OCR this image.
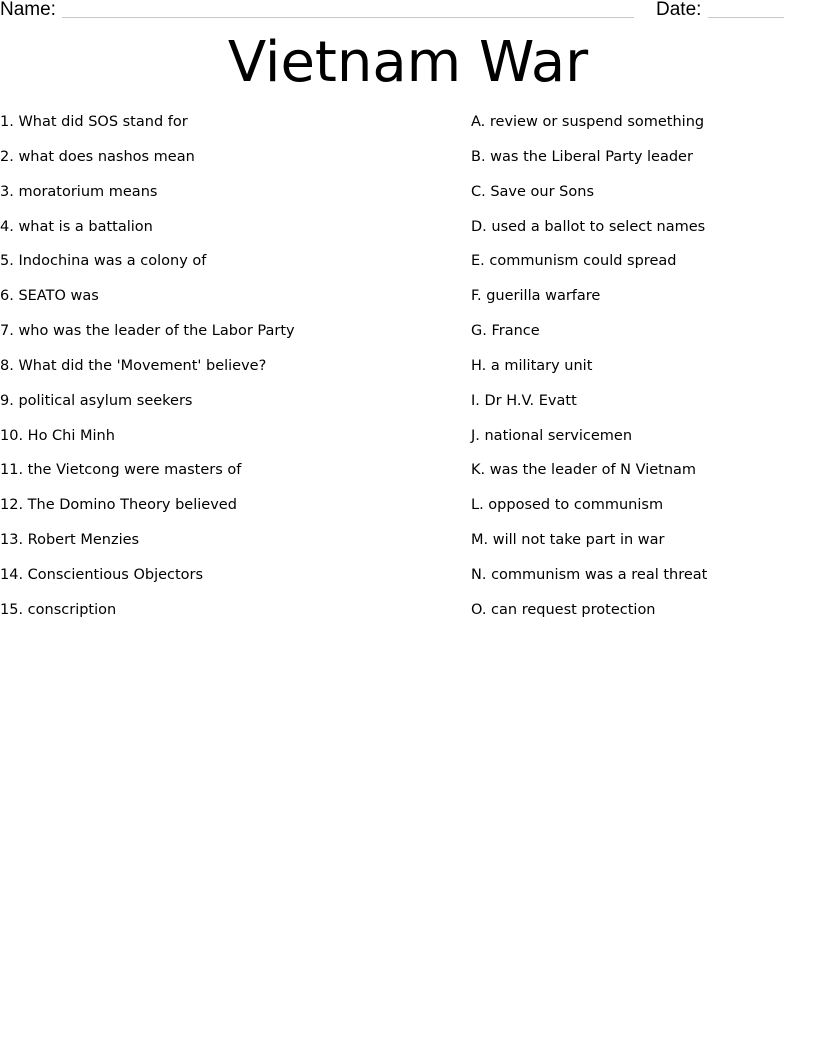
Name:	Date:
Vietnam War
1. What did SOS stand for
2. what does nashos mean
3. moratorium means
4. what is a battalion
5. Indochina was a colony of
6. SEATO was
7. who was the leader of the Labor Party
8. What did the 'Movement' believe?
9. political asylum seekers
10. Ho Chi Minh
11. the Vietcong were masters of
12. The Domino Theory believed
13. Robert Menzies
14. Conscientious Objectors
15. conscription
A. review or suspend something
B. was the Liberal Party leader
C. Save our Sons
D. used a ballot to select names
E. communism could spread
F. guerilla warfare
G. France
H. a military unit
I. Dr H.V. Evatt
J. national servicemen
K. was the leader of N Vietnam
L. opposed to communism
M. will not take part in war
N. communism was a real threat
O. can request protection
